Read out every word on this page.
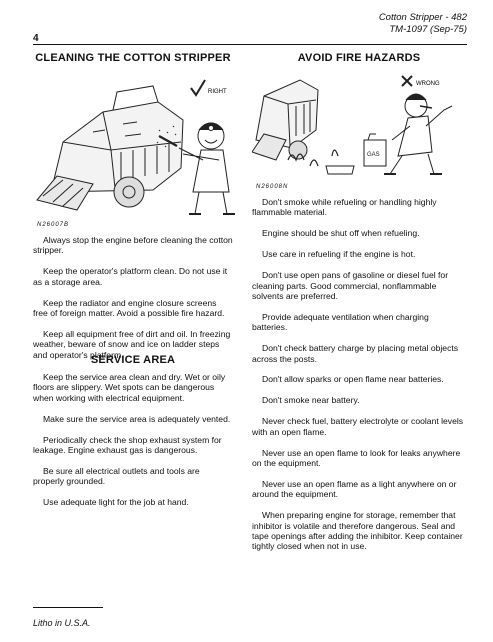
Cotton Stripper - 482
TM-1097 (Sep-75)
4
CLEANING THE COTTON STRIPPER
RIGHT
N26007B

Always stop the engine before cleaning the cotton stripper.

Keep the operator's platform clean. Do not use it as a storage area.

Keep the radiator and engine closure screens free of foreign matter. Avoid a possible fire hazard.

Keep all equipment free of dirt and oil. In freezing weather, beware of snow and ice on ladder steps and operator's platform.

SERVICE AREA

Keep the service area clean and dry. Wet or oily floors are slippery. Wet spots can be dangerous when working with electrical equipment.

Make sure the service area is adequately vented.

Periodically check the shop exhaust system for leakage. Engine exhaust gas is dangerous.

Be sure all electrical outlets and tools are properly grounded.

Use adequate light for the job at hand.

AVOID FIRE HAZARDS
GAS
WRONG
N26008N

Don't smoke while refueling or handling highly flammable material.

Engine should be shut off when refueling.

Use care in refueling if the engine is hot.

Don't use open pans of gasoline or diesel fuel for cleaning parts. Good commercial, nonflammable solvents are preferred.

Provide adequate ventilation when charging batteries.

Don't check battery charge by placing metal objects across the posts.

Don't allow sparks or open flame near batteries.

Don't smoke near battery.

Never check fuel, battery electrolyte or coolant levels with an open flame.

Never use an open flame to look for leaks anywhere on the equipment.

Never use an open flame as a light anywhere on or around the equipment.

When preparing engine for storage, remember that inhibitor is volatile and therefore dangerous. Seal and tape openings after adding the inhibitor. Keep container tightly closed when not in use.

Litho in U.S.A.
